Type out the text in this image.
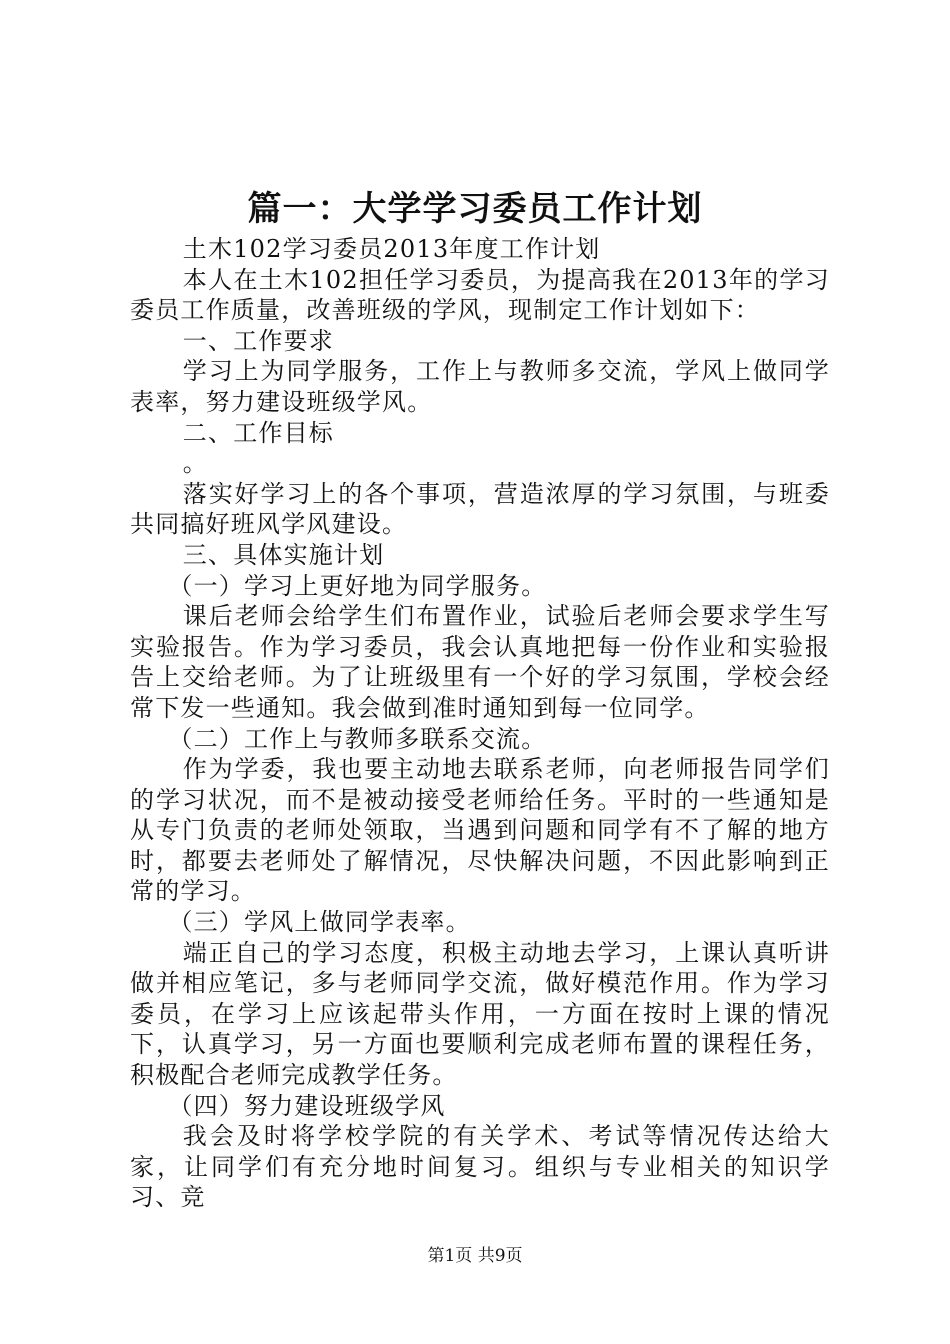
篇一：大学学习委员工作计划

土木102学习委员2013年度工作计划

本人在土木102担任学习委员，为提高我在2013年的学习委员工作质量，改善班级的学风，现制定工作计划如下：

一、工作要求

学习上为同学服务，工作上与教师多交流，学风上做同学表率，努力建设班级学风。

二、工作目标

。

落实好学习上的各个事项，营造浓厚的学习氛围，与班委共同搞好班风学风建设。

三、具体实施计划

（一）学习上更好地为同学服务。

课后老师会给学生们布置作业，试验后老师会要求学生写实验报告。作为学习委员，我会认真地把每一份作业和实验报告上交给老师。为了让班级里有一个好的学习氛围，学校会经常下发一些通知。我会做到准时通知到每一位同学。

（二）工作上与教师多联系交流。

作为学委，我也要主动地去联系老师，向老师报告同学们的学习状况，而不是被动接受老师给任务。平时的一些通知是从专门负责的老师处领取，当遇到问题和同学有不了解的地方时，都要去老师处了解情况，尽快解决问题，不因此影响到正常的学习。

（三）学风上做同学表率。

端正自己的学习态度，积极主动地去学习，上课认真听讲做并相应笔记，多与老师同学交流，做好模范作用。作为学习委员，在学习上应该起带头作用，一方面在按时上课的情况下，认真学习，另一方面也要顺利完成老师布置的课程任务，积极配合老师完成教学任务。

（四）努力建设班级学风

我会及时将学校学院的有关学术、考试等情况传达给大家，让同学们有充分地时间复习。组织与专业相关的知识学习、竞

第1页 共9页
